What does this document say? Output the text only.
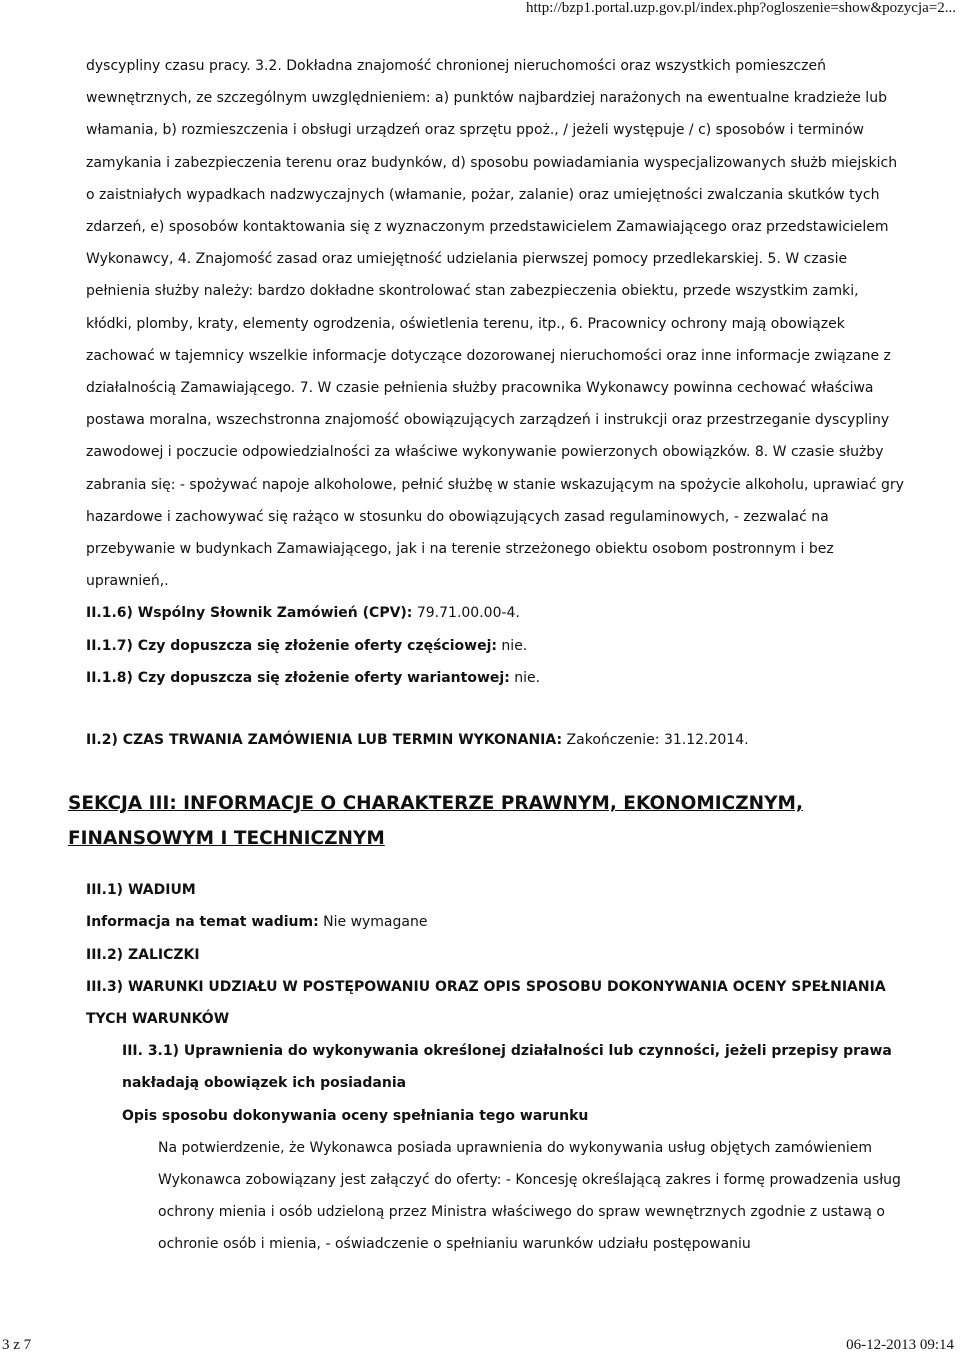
http://bzp1.portal.uzp.gov.pl/index.php?ogloszenie=show&pozycja=2...

dyscypliny czasu pracy. 3.2. Dokładna znajomość chronionej nieruchomości oraz wszystkich pomieszczeń wewnętrznych, ze szczególnym uwzględnieniem: a) punktów najbardziej narażonych na ewentualne kradzieże lub włamania, b) rozmieszczenia i obsługi urządzeń oraz sprzętu ppoż., / jeżeli występuje / c) sposobów i terminów zamykania i zabezpieczenia terenu oraz budynków, d) sposobu powiadamiania wyspecjalizowanych służb miejskich o zaistniałych wypadkach nadzwyczajnych (włamanie, pożar, zalanie) oraz umiejętności zwalczania skutków tych zdarzeń, e) sposobów kontaktowania się z wyznaczonym przedstawicielem Zamawiającego oraz przedstawicielem Wykonawcy, 4. Znajomość zasad oraz umiejętność udzielania pierwszej pomocy przedlekarskiej. 5. W czasie pełnienia służby należy: bardzo dokładne skontrolować stan zabezpieczenia obiektu, przede wszystkim zamki, kłódki, plomby, kraty, elementy ogrodzenia, oświetlenia terenu, itp., 6. Pracownicy ochrony mają obowiązek zachować w tajemnicy wszelkie informacje dotyczące dozorowanej nieruchomości oraz inne informacje związane z działalnością Zamawiającego. 7. W czasie pełnienia służby pracownika Wykonawcy powinna cechować właściwa postawa moralna, wszechstronna znajomość obowiązujących zarządzeń i instrukcji oraz przestrzeganie dyscypliny zawodowej i poczucie odpowiedzialności za właściwe wykonywanie powierzonych obowiązków. 8. W czasie służby zabrania się: - spożywać napoje alkoholowe, pełnić służbę w stanie wskazującym na spożycie alkoholu, uprawiać gry hazardowe i zachowywać się rażąco w stosunku do obowiązujących zasad regulaminowych, - zezwalać na przebywanie w budynkach Zamawiającego, jak i na terenie strzeżonego obiektu osobom postronnym i bez uprawnień,.

II.1.6) Wspólny Słownik Zamówień (CPV): 79.71.00.00-4.

II.1.7) Czy dopuszcza się złożenie oferty częściowej: nie.

II.1.8) Czy dopuszcza się złożenie oferty wariantowej: nie.

II.2) CZAS TRWANIA ZAMÓWIENIA LUB TERMIN WYKONANIA: Zakończenie: 31.12.2014.

SEKCJA III: INFORMACJE O CHARAKTERZE PRAWNYM, EKONOMICZNYM, FINANSOWYM I TECHNICZNYM

III.1) WADIUM

Informacja na temat wadium: Nie wymagane

III.2) ZALICZKI

III.3) WARUNKI UDZIAŁU W POSTĘPOWANIU ORAZ OPIS SPOSOBU DOKONYWANIA OCENY SPEŁNIANIA TYCH WARUNKÓW

III. 3.1) Uprawnienia do wykonywania określonej działalności lub czynności, jeżeli przepisy prawa nakładają obowiązek ich posiadania

Opis sposobu dokonywania oceny spełniania tego warunku

Na potwierdzenie, że Wykonawca posiada uprawnienia do wykonywania usług objętych zamówieniem Wykonawca zobowiązany jest załączyć do oferty: - Koncesję określającą zakres i formę prowadzenia usług ochrony mienia i osób udzieloną przez Ministra właściwego do spraw wewnętrznych zgodnie z ustawą o ochronie osób i mienia, - oświadczenie o spełnianiu warunków udziału postępowaniu

3 z 7	06-12-2013 09:14
